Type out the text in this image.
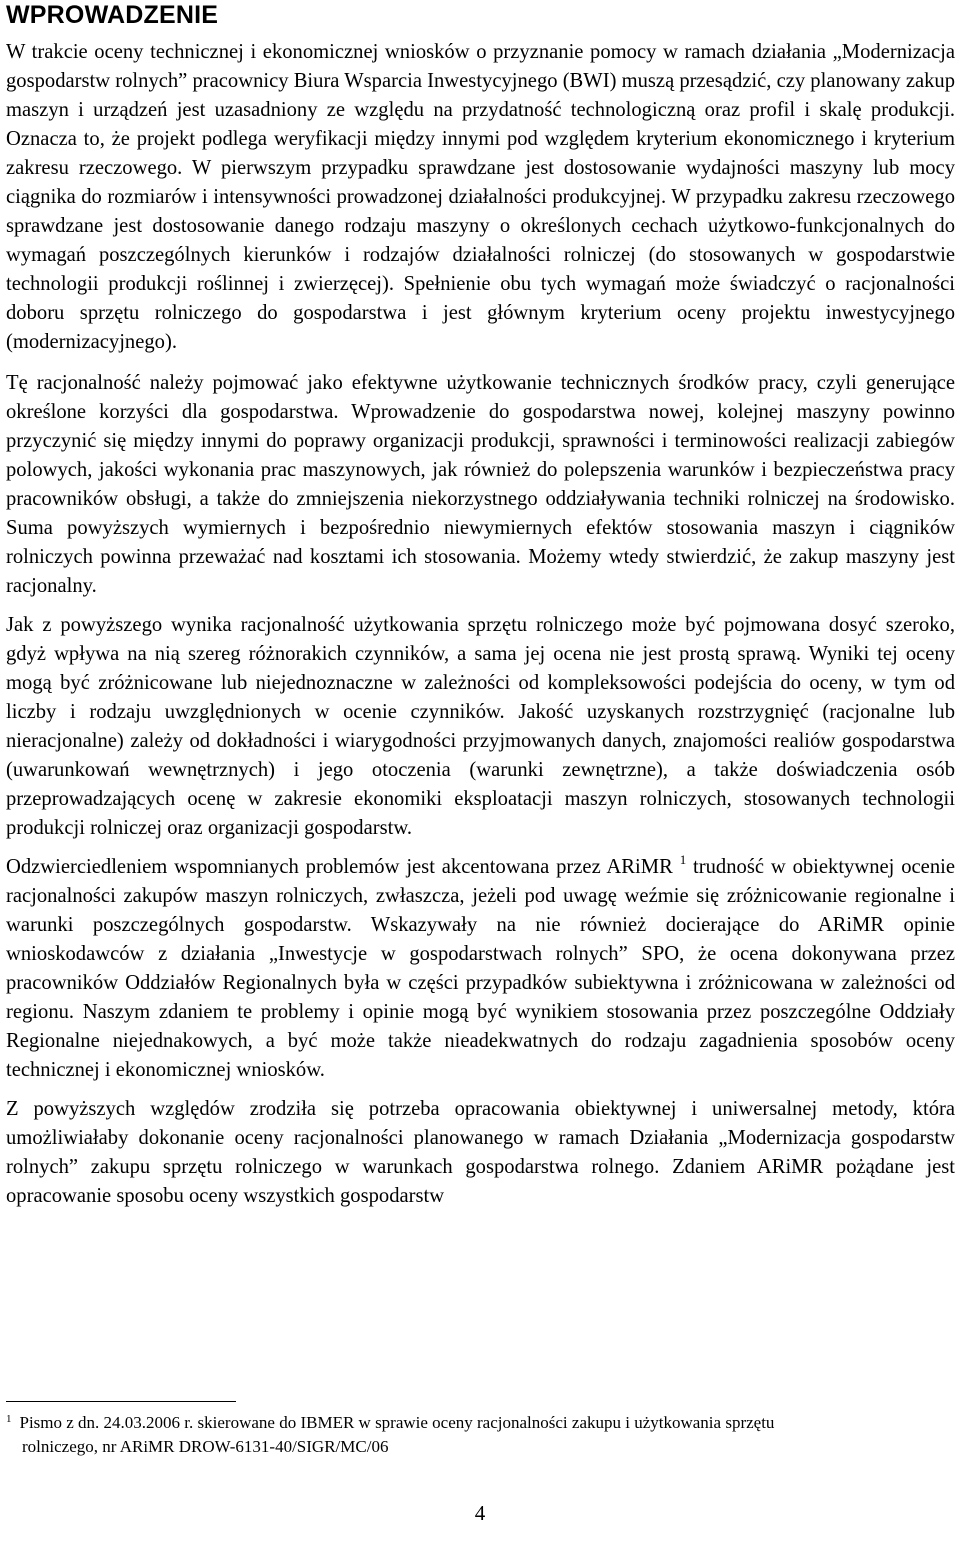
WPROWADZENIE

W trakcie oceny technicznej i ekonomicznej wniosków o przyznanie pomocy w ramach działania „Modernizacja gospodarstw rolnych” pracownicy Biura Wsparcia Inwestycyjnego (BWI) muszą przesądzić, czy planowany zakup maszyn i urządzeń jest uzasadniony ze względu na przydatność technologiczną oraz profil i skalę produkcji. Oznacza to, że projekt podlega weryfikacji między innymi pod względem kryterium ekonomicznego i kryterium zakresu rzeczowego. W pierwszym przypadku sprawdzane jest dostosowanie wydajności maszyny lub mocy ciągnika do rozmiarów i intensywności prowadzonej działalności produkcyjnej. W przypadku zakresu rzeczowego sprawdzane jest dostosowanie danego rodzaju maszyny o określonych cechach użytkowo-funkcjonalnych do wymagań poszczególnych kierunków i rodzajów działalności rolniczej (do stosowanych w gospodarstwie technologii produkcji roślinnej i zwierzęcej). Spełnienie obu tych wymagań może świadczyć o racjonalności doboru sprzętu rolniczego do gospodarstwa i jest głównym kryterium oceny projektu inwestycyjnego (modernizacyjnego).

Tę racjonalność należy pojmować jako efektywne użytkowanie technicznych środków pracy, czyli generujące określone korzyści dla gospodarstwa. Wprowadzenie do gospodarstwa nowej, kolejnej maszyny powinno przyczynić się między innymi do poprawy organizacji produkcji, sprawności i terminowości realizacji zabiegów polowych, jakości wykonania prac maszynowych, jak również do polepszenia warunków i bezpieczeństwa pracy pracowników obsługi, a także do zmniejszenia niekorzystnego oddziaływania techniki rolniczej na środowisko. Suma powyższych wymiernych i bezpośrednio niewymiernych efektów stosowania maszyn i ciągników rolniczych powinna przeważać nad kosztami ich stosowania. Możemy wtedy stwierdzić, że zakup maszyny jest racjonalny.

Jak z powyższego wynika racjonalność użytkowania sprzętu rolniczego może być pojmowana dosyć szeroko, gdyż wpływa na nią szereg różnorakich czynników, a sama jej ocena nie jest prostą sprawą. Wyniki tej oceny mogą być zróżnicowane lub niejednoznaczne w zależności od kompleksowości podejścia do oceny, w tym od liczby i rodzaju uwzględnionych w ocenie czynników. Jakość uzyskanych rozstrzygnięć (racjonalne lub nieracjonalne) zależy od dokładności i wiarygodności przyjmowanych danych, znajomości realiów gospodarstwa (uwarunkowań wewnętrznych) i jego otoczenia (warunki zewnętrzne), a także doświadczenia osób przeprowadzających ocenę w zakresie ekonomiki eksploatacji maszyn rolniczych, stosowanych technologii produkcji rolniczej oraz organizacji gospodarstw.

Odzwierciedleniem wspomnianych problemów jest akcentowana przez ARiMR $^1$ trudność w obiektywnej ocenie racjonalności zakupów maszyn rolniczych, zwłaszcza, jeżeli pod uwagę weźmie się zróżnicowanie regionalne i warunki poszczególnych gospodarstw. Wskazywały na nie również docierające do ARiMR opinie wnioskodawców z działania „Inwestycje w gospodarstwach rolnych” SPO, że ocena dokonywana przez pracowników Oddziałów Regionalnych była w części przypadków subiektywna i zróżnicowana w zależności od regionu. Naszym zdaniem te problemy i opinie mogą być wynikiem stosowania przez poszczególne Oddziały Regionalne niejednakowych, a być może także nieadekwatnych do rodzaju zagadnienia sposobów oceny technicznej i ekonomicznej wniosków.

Z powyższych względów zrodziła się potrzeba opracowania obiektywnej i uniwersalnej metody, która umożliwiałaby dokonanie oceny racjonalności planowanego w ramach Działania „Modernizacja gospodarstw rolnych” zakupu sprzętu rolniczego w warunkach gospodarstwa rolnego. Zdaniem ARiMR pożądane jest opracowanie sposobu oceny wszystkich gospodarstw

$^1$ Pismo z dn. 24.03.2006 r. skierowane do IBMER w sprawie oceny racjonalności zakupu i użytkowania sprzętu
rolniczego, nr ARiMR DROW-6131-40/SIGR/MC/06
4
